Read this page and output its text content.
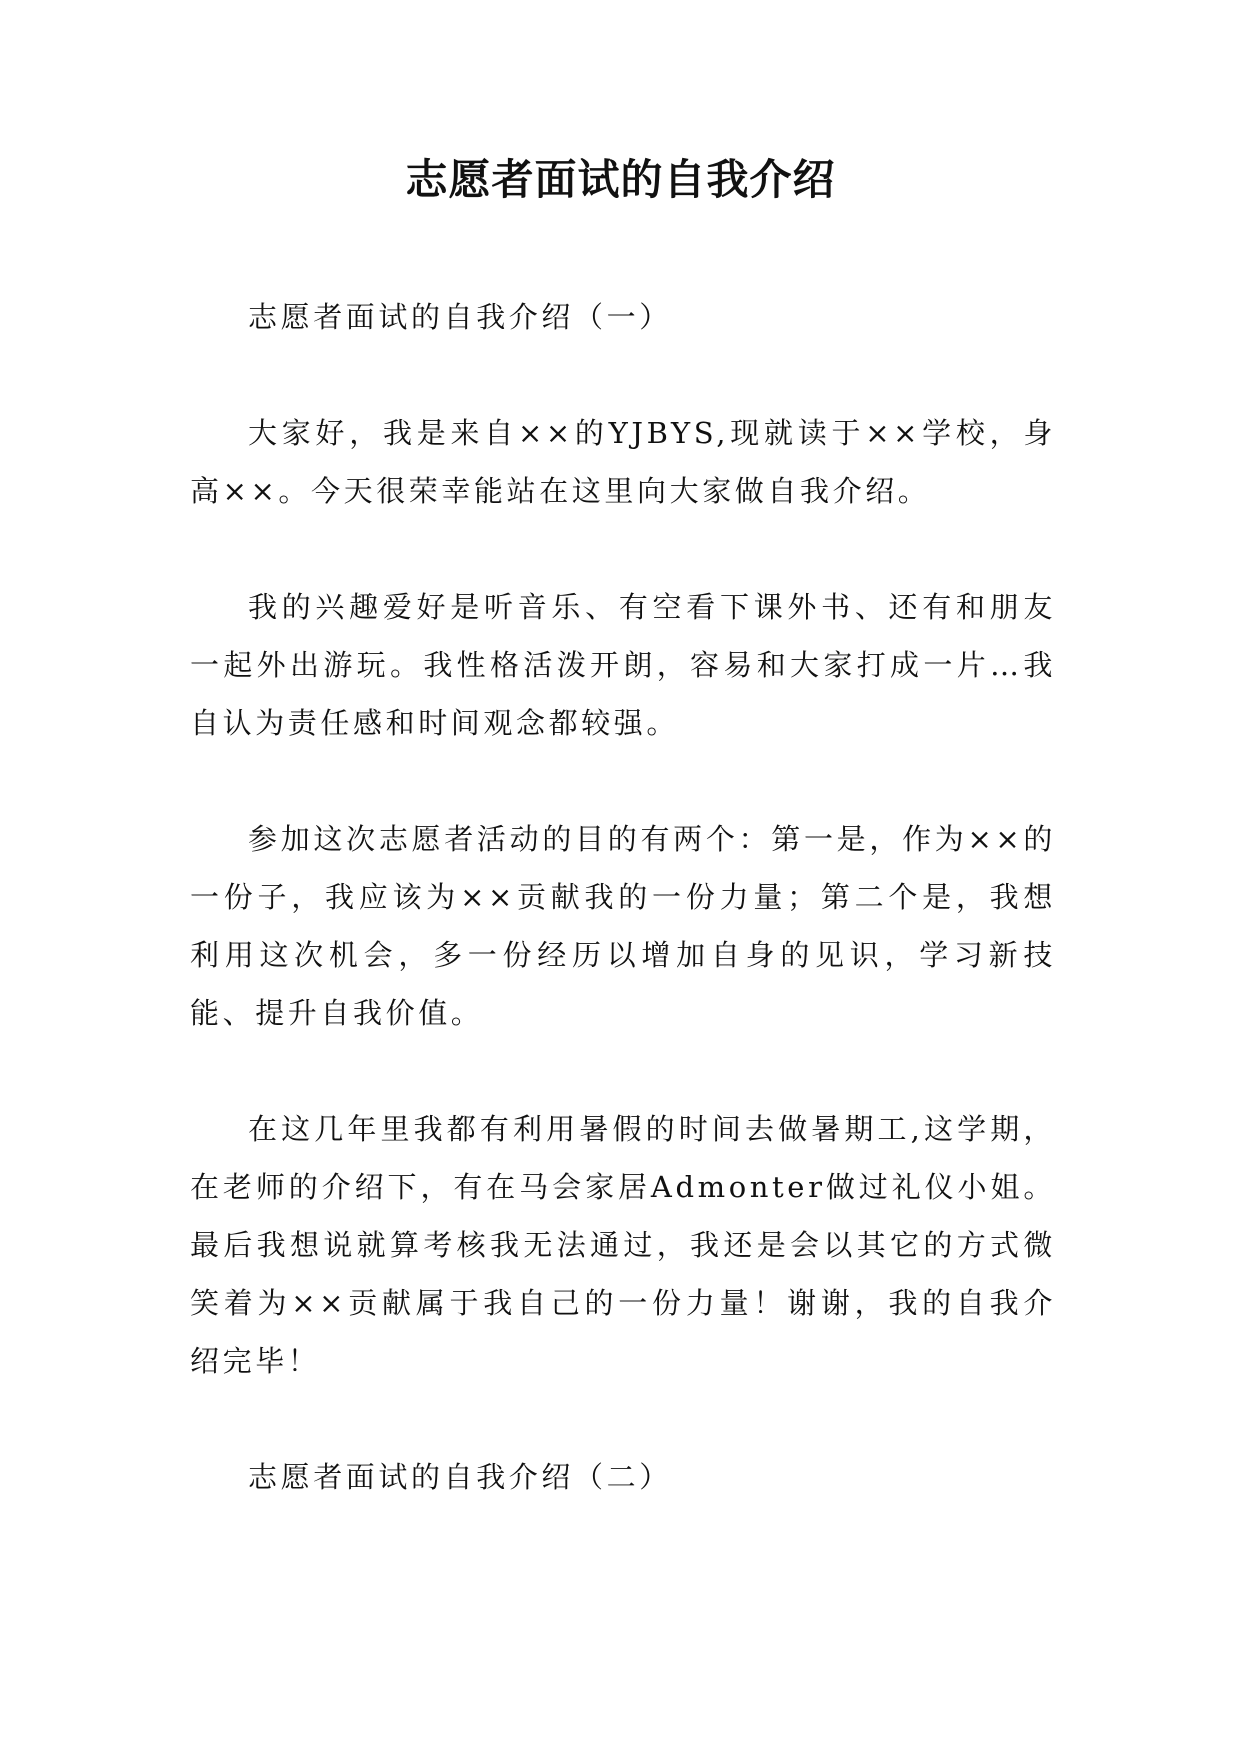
志愿者面试的自我介绍

志愿者面试的自我介绍（一）

大家好，我是来自××的YJBYS,现就读于××学校，身高××。今天很荣幸能站在这里向大家做自我介绍。

我的兴趣爱好是听音乐、有空看下课外书、还有和朋友一起外出游玩。我性格活泼开朗，容易和大家打成一片…我自认为责任感和时间观念都较强。

参加这次志愿者活动的目的有两个：第一是，作为××的一份子，我应该为××贡献我的一份力量；第二个是，我想利用这次机会，多一份经历以增加自身的见识，学习新技能、提升自我价值。

在这几年里我都有利用暑假的时间去做暑期工,这学期，在老师的介绍下，有在马会家居Admonter做过礼仪小姐。最后我想说就算考核我无法通过，我还是会以其它的方式微笑着为××贡献属于我自己的一份力量！谢谢，我的自我介绍完毕！

志愿者面试的自我介绍（二）
